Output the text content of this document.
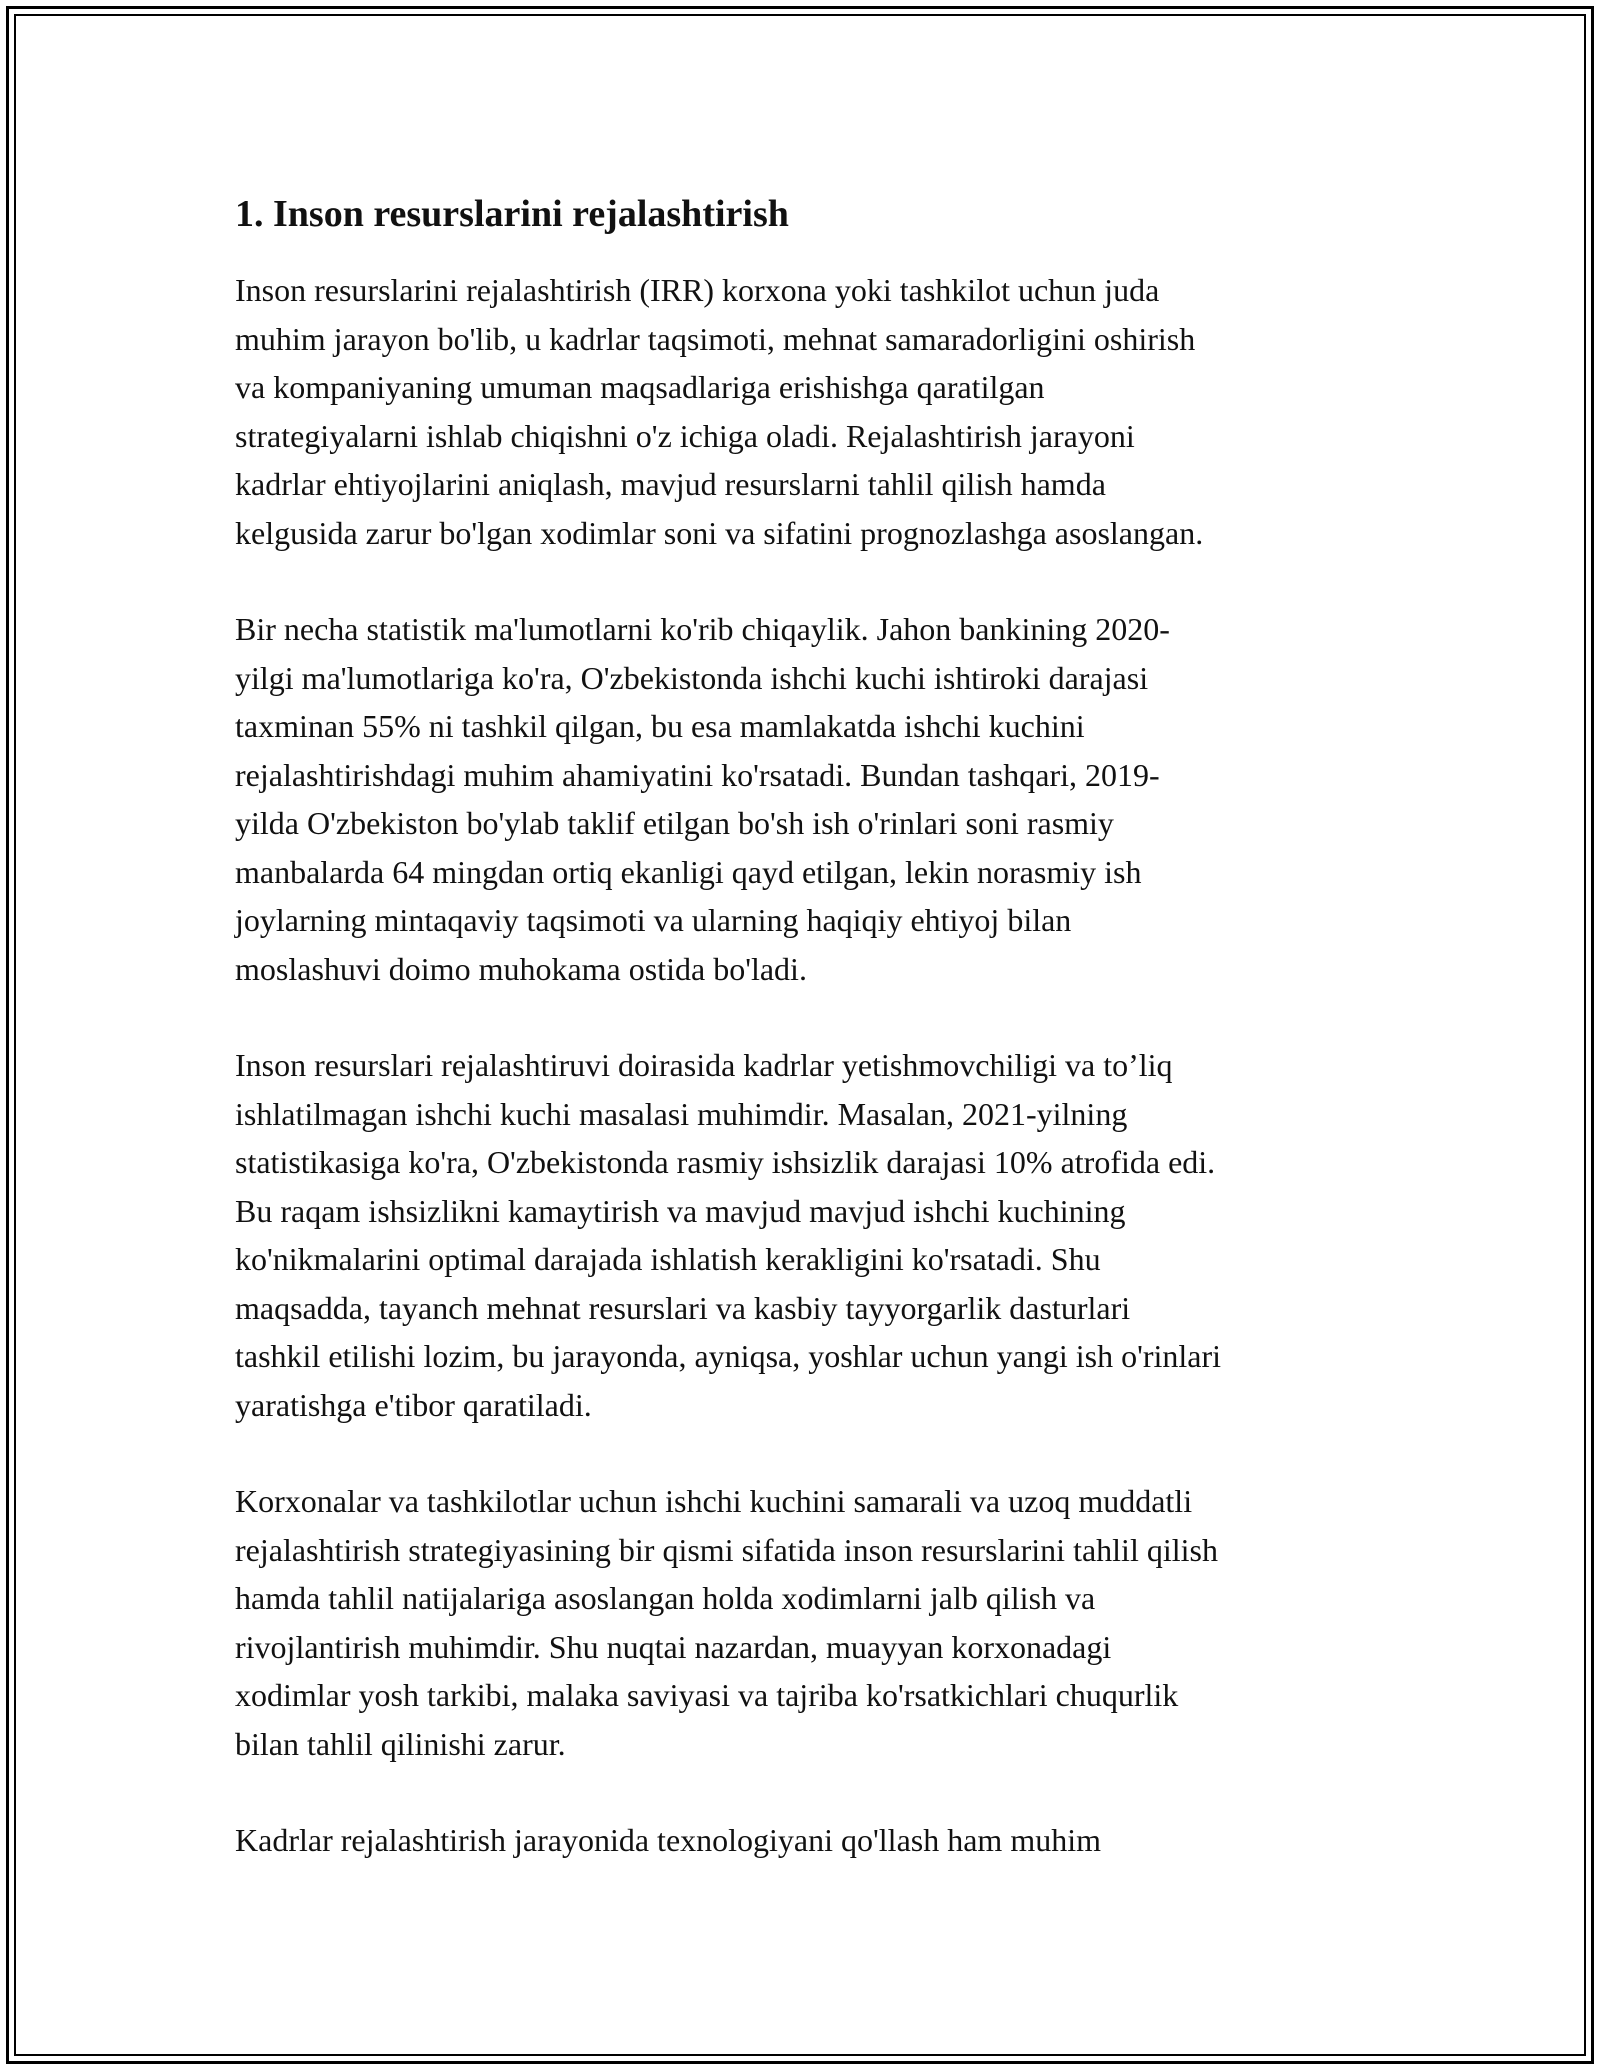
1. Inson resurslarini rejalashtirish

Inson resurslarini rejalashtirish (IRR) korxona yoki tashkilot uchun juda
muhim jarayon bo'lib, u kadrlar taqsimoti, mehnat samaradorligini oshirish
va kompaniyaning umuman maqsadlariga erishishga qaratilgan
strategiyalarni ishlab chiqishni o'z ichiga oladi. Rejalashtirish jarayoni
kadrlar ehtiyojlarini aniqlash, mavjud resurslarni tahlil qilish hamda
kelgusida zarur bo'lgan xodimlar soni va sifatini prognozlashga asoslangan.

Bir necha statistik ma'lumotlarni ko'rib chiqaylik. Jahon bankining 2020-
yilgi ma'lumotlariga ko'ra, O'zbekistonda ishchi kuchi ishtiroki darajasi
taxminan 55% ni tashkil qilgan, bu esa mamlakatda ishchi kuchini
rejalashtirishdagi muhim ahamiyatini ko'rsatadi. Bundan tashqari, 2019-
yilda O'zbekiston bo'ylab taklif etilgan bo'sh ish o'rinlari soni rasmiy
manbalarda 64 mingdan ortiq ekanligi qayd etilgan, lekin norasmiy ish
joylarning mintaqaviy taqsimoti va ularning haqiqiy ehtiyoj bilan
moslashuvi doimo muhokama ostida bo'ladi.

Inson resurslari rejalashtiruvi doirasida kadrlar yetishmovchiligi va to’liq
ishlatilmagan ishchi kuchi masalasi muhimdir. Masalan, 2021-yilning
statistikasiga ko'ra, O'zbekistonda rasmiy ishsizlik darajasi 10% atrofida edi.
Bu raqam ishsizlikni kamaytirish va mavjud mavjud ishchi kuchining
ko'nikmalarini optimal darajada ishlatish kerakligini ko'rsatadi. Shu
maqsadda, tayanch mehnat resurslari va kasbiy tayyorgarlik dasturlari
tashkil etilishi lozim, bu jarayonda, ayniqsa, yoshlar uchun yangi ish o'rinlari
yaratishga e'tibor qaratiladi.

Korxonalar va tashkilotlar uchun ishchi kuchini samarali va uzoq muddatli
rejalashtirish strategiyasining bir qismi sifatida inson resurslarini tahlil qilish
hamda tahlil natijalariga asoslangan holda xodimlarni jalb qilish va
rivojlantirish muhimdir. Shu nuqtai nazardan, muayyan korxonadagi
xodimlar yosh tarkibi, malaka saviyasi va tajriba ko'rsatkichlari chuqurlik
bilan tahlil qilinishi zarur.

Kadrlar rejalashtirish jarayonida texnologiyani qo'llash ham muhim
